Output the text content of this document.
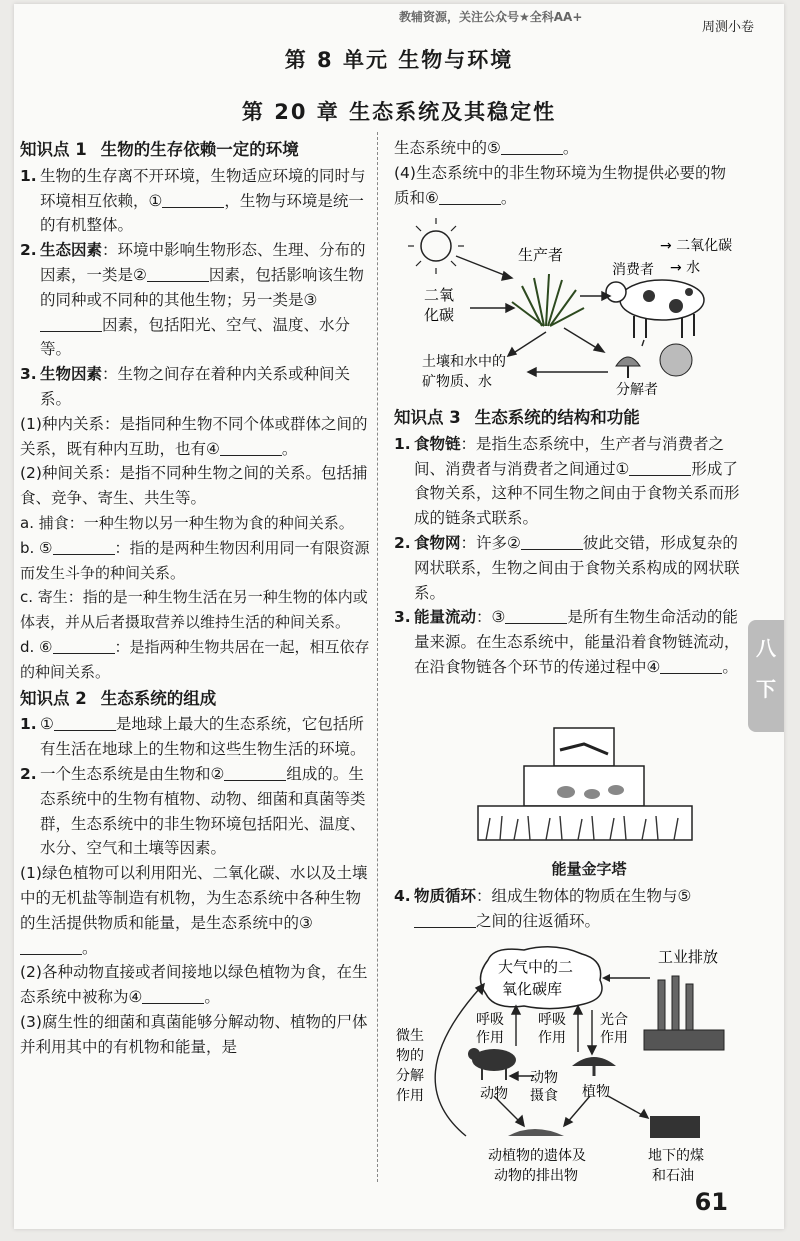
教辅资源，关注公众号★全科AA+
周测小卷
第 8 单元 生物与环境
第 20 章 生态系统及其稳定性
知识点 1 生物的生存依赖一定的环境
1. 生物的生存离不开环境，生物适应环境的同时与环境相互依赖，①	，生物与环境是统一的有机整体。
2. 生态因素：环境中影响生物形态、生理、分布的因素，一类是②	因素，包括影响该生物的同种或不同种的其他生物；另一类是③因素，包括阳光、空气、温度、水分等。
3. 生物因素：生物之间存在着种内关系或种间关系。

(1)种内关系：是指同种生物不同个体或群体之间的关系，既有种内互助，也有④	。

(2)种间关系：是指不同种生物之间的关系。包括捕食、竞争、寄生、共生等。

a. 捕食：一种生物以另一种生物为食的种间关系。

b. ⑤	：指的是两种生物因利用同一有限资源而发生斗争的种间关系。

c. 寄生：指的是一种生物生活在另一种生物的体内或体表，并从后者摄取营养以维持生活的种间关系。

d. ⑥	：是指两种生物共居在一起，相互依存的种间关系。

知识点 2 生态系统的组成
1. ①	是地球上最大的生态系统，它包括所有生活在地球上的生物和这些生物生活的环境。
2. 一个生态系统是由生物和②	组成的。生态系统中的生物有植物、动物、细菌和真菌等类群，生态系统中的非生物环境包括阳光、温度、水分、空气和土壤等因素。

(1)绿色植物可以利用阳光、二氧化碳、水以及土壤中的无机盐等制造有机物，为生态系统中各种生物的生活提供物质和能量，是生态系统中的③。

(2)各种动物直接或者间接地以绿色植物为食，在生态系统中被称为④	。

(3)腐生性的细菌和真菌能够分解动物、植物的尸体并利用其中的有机物和能量，是

生态系统中的⑤	。

(4)生态系统中的非生物环境为生物提供必要的物质和⑥	。

生产者
二氧
化碳
消费者
→ 二氧化碳
→ 水
土壤和水中的
矿物质、水	分解者
知识点 3 生态系统的结构和功能
1. 食物链：是指生态系统中，生产者与消费者之间、消费者与消费者之间通过①	形成了食物关系，这种不同生物之间由于食物关系而形成的链条式联系。
2. 食物网：许多②	彼此交错，形成复杂的网状联系，生物之间由于食物关系构成的网状联系。
3. 能量流动：③	是所有生物生命活动的能量来源。在生态系统中，能量沿着食物链流动，在沿食物链各个环节的传递过程中④	。
能量金字塔
4. 物质循环：组成生物体的物质在生物与⑤之间的往返循环。
大气中的二
氧化碳库
工业排放
呼吸
作用
呼吸
作用
光合
作用
微生
物的
分解
作用	动物
动物
摄食 植物
动植物的遗体及
动物的排出物
地下的煤
和石油
八
下
61
